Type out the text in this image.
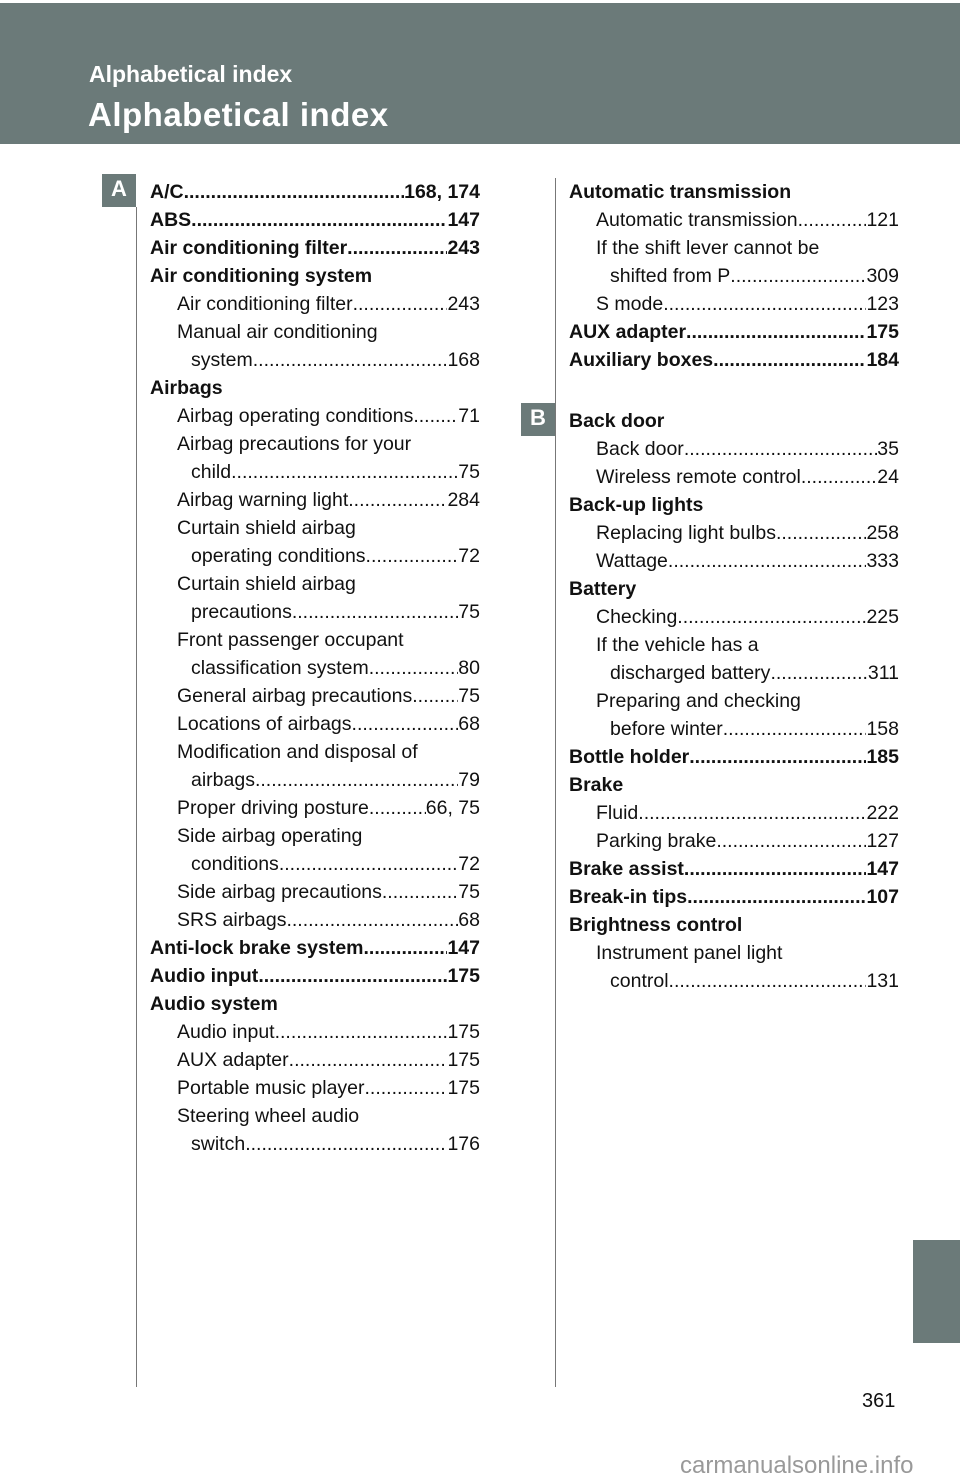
Alphabetical index
Alphabetical index
A
B
A/C .....	168, 174
ABS .....	147
Air conditioning filter .....	243
Air conditioning system
Air conditioning filter .....	243
Manual air conditioning
system .....	168
Airbags
Airbag operating conditions ..... 71
Airbag precautions for your
child .....	75
Airbag warning light .....	284
Curtain shield airbag
operating conditions .....	72
Curtain shield airbag
precautions .....	75
Front passenger occupant
classification system .....	80
General airbag precautions ..... 75
Locations of airbags .....	68
Modification and disposal of
airbags .....	79
Proper driving posture .....	66, 75
Side airbag operating
conditions .....	72
Side airbag precautions .....	75
SRS airbags .....	68
Anti-lock brake system .....	147
Audio input .....	175
Audio system
Audio input .....	175
AUX adapter .....	175
Portable music player .....	175
Steering wheel audio
switch .....	176
Automatic transmission
Automatic transmission .....	121
If the shift lever cannot be
shifted from P .....	309
S mode .....	123
AUX adapter .....	175
Auxiliary boxes .....	184
Back door
Back door .....	35
Wireless remote control .....	24
Back-up lights
Replacing light bulbs .....	258
Wattage .....	333
Battery
Checking .....	225
If the vehicle has a
discharged battery .....	311
Preparing and checking
before winter .....	158
Bottle holder .....	185
Brake
Fluid .....	222
Parking brake .....	127
Brake assist .....	147
Break-in tips .....	107
Brightness control
Instrument panel light
control .....	131
361
carmanualsonline.info
